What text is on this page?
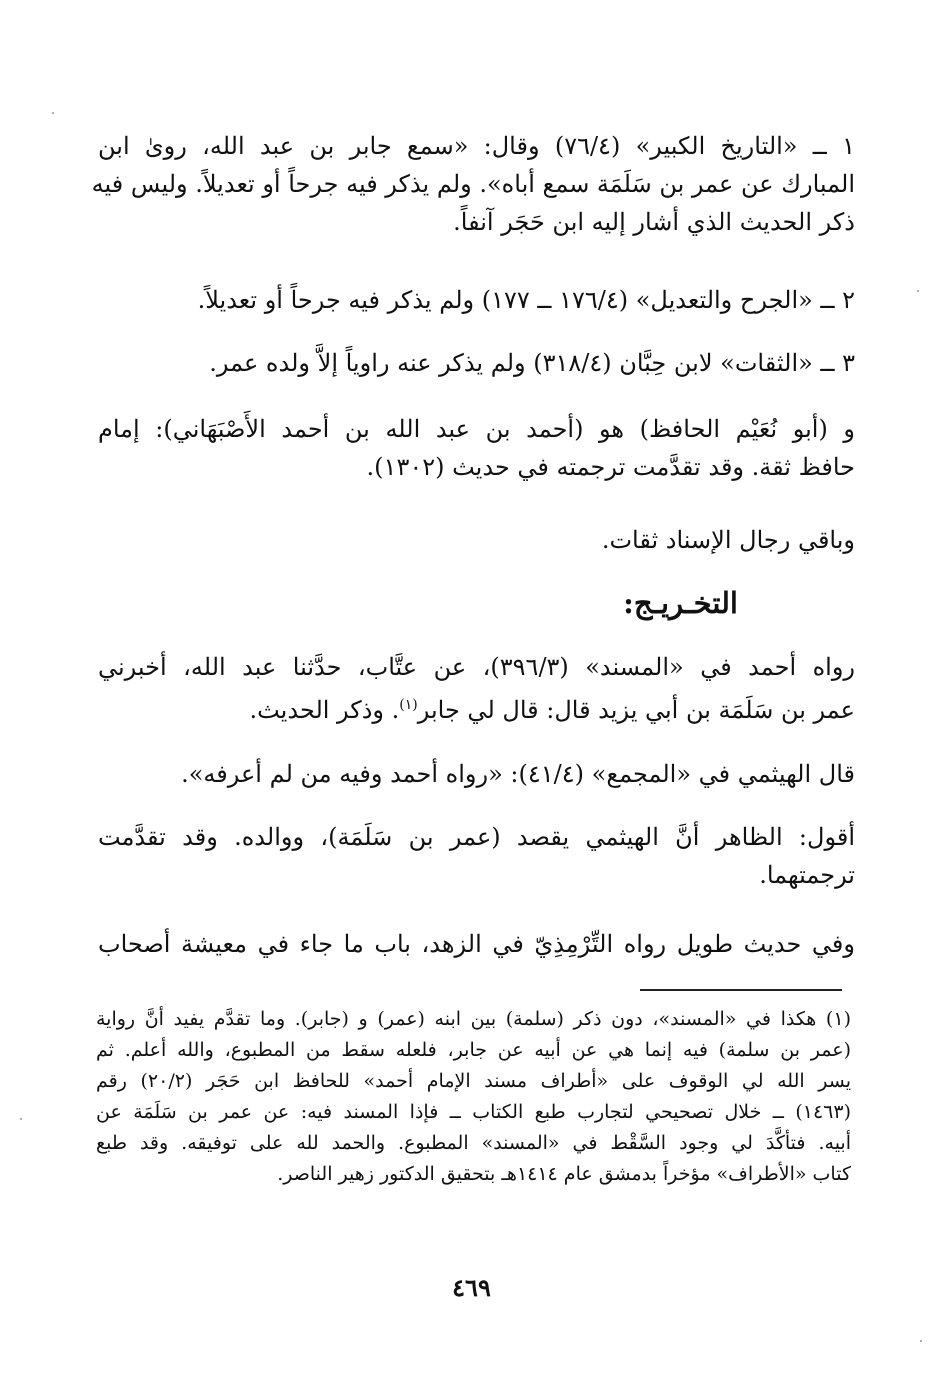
١ ــ «التاريخ الكبير» (٧٦/٤) وقال: «سمع جابر بن عبد الله، روىٰ ابن
المبارك عن عمر بن سَلَمَة سمع أباه». ولم يذكر فيه جرحاً أو تعديلاً. وليس فيه
ذكر الحديث الذي أشار إليه ابن حَجَر آنفاً.
٢ ــ «الجرح والتعديل» (١٧٦/٤ ــ ١٧٧) ولم يذكر فيه جرحاً أو تعديلاً.
٣ ــ «الثقات» لابن حِبَّان (٣١٨/٤) ولم يذكر عنه راوياً إلاَّ ولده عمر.
و (أبو نُعَيْم الحافظ) هو (أحمد بن عبد الله بن أحمد الأَصْبَهَاني): إمام
حافظ ثقة. وقد تقدَّمت ترجمته في حديث (١٣٠٢).
وباقي رجال الإسناد ثقات.
التخـريـج:
رواه أحمد في «المسند» (٣٩٦/٣)، عن عتَّاب، حدَّثنا عبد الله، أخبرني
عمر بن سَلَمَة بن أبي يزيد قال: قال لي جابر$^{(١)}$. وذكر الحديث.
قال الهيثمي في «المجمع» (٤١/٤): «رواه أحمد وفيه من لم أعرفه».
أقول: الظاهر أنَّ الهيثمي يقصد (عمر بن سَلَمَة)، ووالده. وقد تقدَّمت
ترجمتهما.
وفي حديث طويل رواه التِّرْمِذِيّ في الزهد، باب ما جاء في معيشة أصحاب
(١) هكذا في «المسند»، دون ذكر (سلمة) بين ابنه (عمر) و (جابر). وما تقدَّم يفيد أنَّ رواية
(عمر بن سلمة) فيه إنما هي عن أبيه عن جابر، فلعله سقط من المطبوع، والله أعلم. ثم
يسر الله لي الوقوف على «أطراف مسند الإمام أحمد» للحافظ ابن حَجَر (٢٠/٢) رقم
(١٤٦٣) ــ خلال تصحيحي لتجارب طبع الكتاب ــ فإذا المسند فيه: عن عمر بن سَلَمَة عن
أبيه. فتأكَّدَ لي وجود السَّقْط في «المسند» المطبوع. والحمد لله على توفيقه. وقد طبع
كتاب «الأطراف» مؤخراً بدمشق عام ١٤١٤هـ بتحقيق الدكتور زهير الناصر.
٤٦٩
